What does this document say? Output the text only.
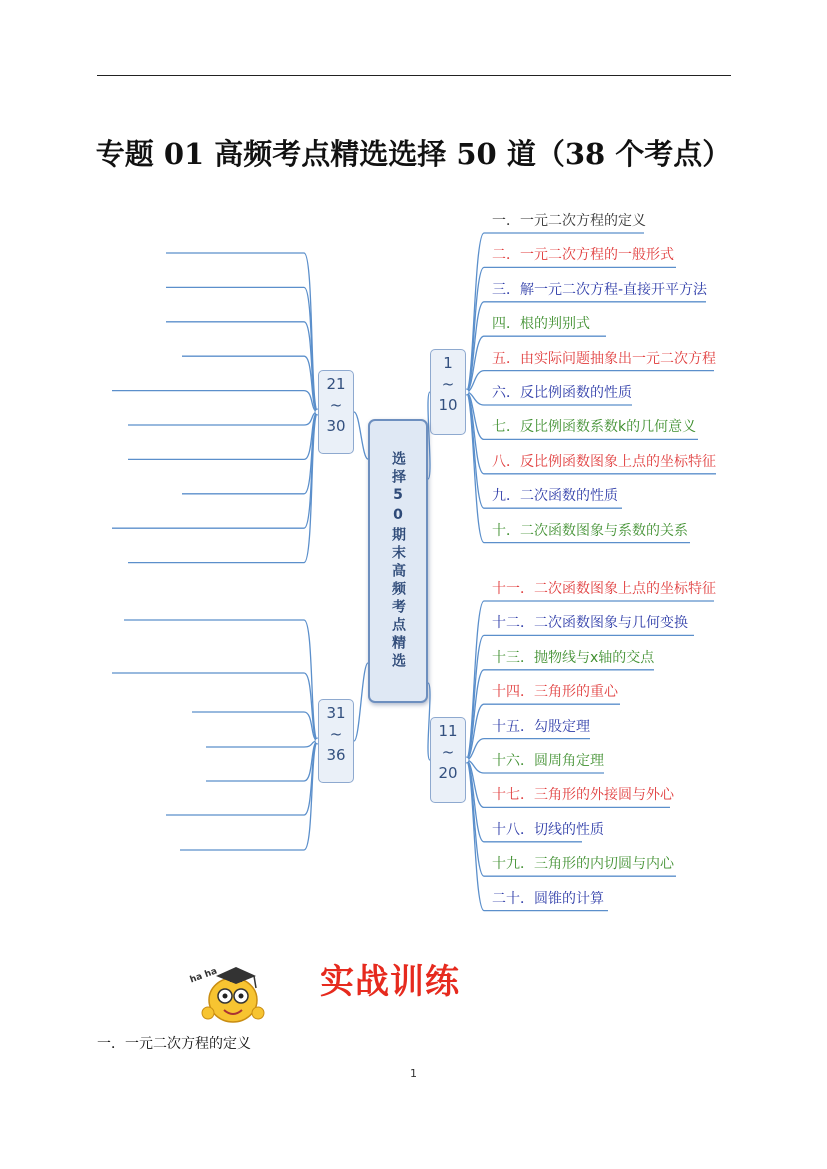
专题 01 高频考点精选选择 50 道（38 个考点）
1
~
10
一．一元二次方程的定义
二．一元二次方程的一般形式
三．解一元二次方程-直接开平方法
四．根的判别式
五．由实际问题抽象出一元二次方程
六．反比例函数的性质
七．反比例函数系数k的几何意义
八．反比例函数图象上点的坐标特征
九．二次函数的性质
十．二次函数图象与系数的关系
11
~
20
十一．二次函数图象上点的坐标特征
十二．二次函数图象与几何变换
十三．抛物线与x轴的交点
十四．三角形的重心
十五．勾股定理
十六．圆周角定理
十七．三角形的外接圆与外心
十八．切线的性质
十九．三角形的内切圆与内心
二十．圆锥的计算
21
~
30
31
~
36
选择50期末高频考点精选
ha ha	实战训练
一．一元二次方程的定义
1
